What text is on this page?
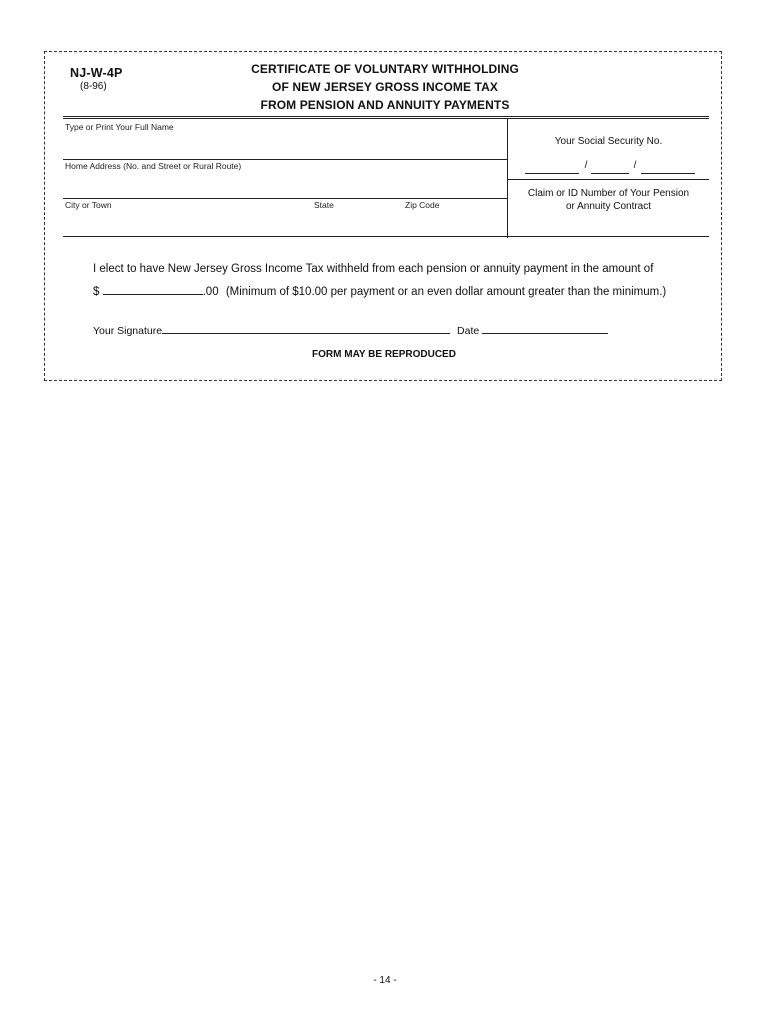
NJ-W-4P
(8-96)
CERTIFICATE OF VOLUNTARY WITHHOLDING
OF NEW JERSEY GROSS INCOME TAX
FROM PENSION AND ANNUITY PAYMENTS
Type or Print Your Full Name
Home Address (No. and Street or Rural Route)
City or Town	State	Zip Code
Your Social Security No.
/	/
Claim or ID Number of Your Pension
or Annuity Contract
I elect to have New Jersey Gross Income Tax withheld from each pension or annuity payment in the amount of
$	.00 (Minimum of $10.00 per payment or an even dollar amount greater than the minimum.)
Your Signature	Date
FORM MAY BE REPRODUCED
- 14 -
